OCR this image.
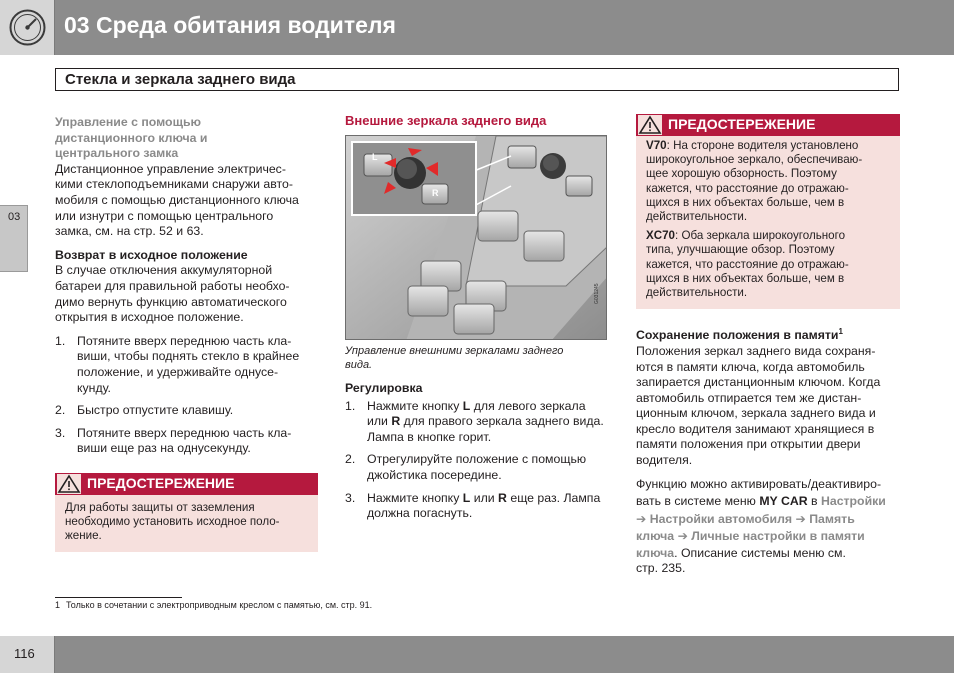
03 Среда обитания водителя
Стекла и зеркала заднего вида
03
Управление с помощью
дистанционного ключа и
центрального замка
Дистанционное управление электричес-
кими стеклоподъемниками снаружи авто-
мобиля с помощью дистанционного ключа
или изнутри с помощью центрального
замка, см. на стр. 52 и 63.
Возврат в исходное положение
В случае отключения аккумуляторной
батареи для правильной работы необхо-
димо вернуть функцию автоматического
открытия в исходное положение.
1. Потяните вверх переднюю часть кла-
виши, чтобы поднять стекло в крайнее
положение, и удерживайте однусе-
кунду.
2. Быстро отпустите клавишу.
3. Потяните вверх переднюю часть кла-
виши еще раз на однусекунду.
ПРЕДОСТЕРЕЖЕНИЕ
Для работы защиты от заземления
необходимо установить исходное поло-
жение.
Внешние зеркала заднего вида
L
R
G031245
Управление внешними зеркалами заднего
вида.
Регулировка
1. Нажмите кнопку L для левого зеркала или R для правого зеркала заднего вида. Лампа в кнопке горит.
2. Отрегулируйте положение с помощью джойстика посередине.
3. Нажмите кнопку L или R еще раз. Лампа должна погаснуть.
ПРЕДОСТЕРЕЖЕНИЕ
V70: На стороне водителя установлено
широкоугольное зеркало, обеспечиваю-
щее хорошую обзорность. Поэтому
кажется, что расстояние до отражаю-
щихся в них объектах больше, чем в
действительности.
XC70: Оба зеркала широкоугольного
типа, улучшающие обзор. Поэтому
кажется, что расстояние до отражаю-
щихся в них объектах больше, чем в
действительности.
Сохранение положения в памяти$^1$
Положения зеркал заднего вида сохраня-
ются в памяти ключа, когда автомобиль
запирается дистанционным ключом. Когда
автомобиль отпирается тем же дистан-
ционным ключом, зеркала заднего вида и
кресло водителя занимают хранящиеся в
памяти положения при открытии двери
водителя.
Функцию можно активировать/деактивиро-
вать в системе меню MY CAR в Настройки
➔ Настройки автомобиля ➔ Память
ключа ➔ Личные настройки в памяти
ключа. Описание системы меню см.
стр. 235.
1 Только в сочетании с электроприводным креслом с памятью, см. стр. 91.
116
